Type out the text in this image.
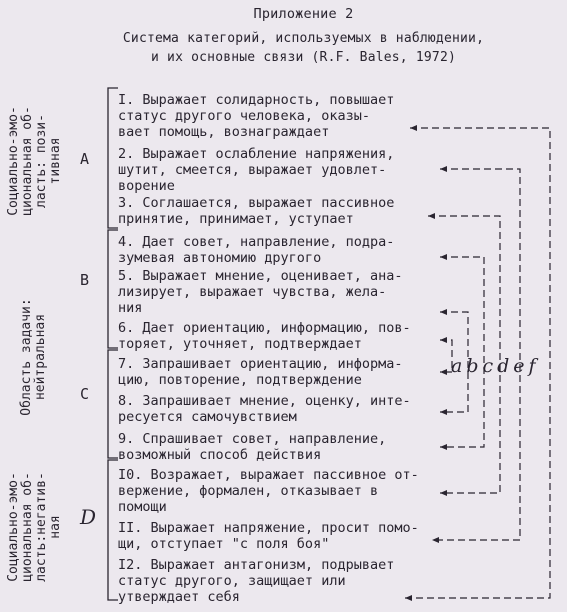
Приложение 2
Система категорий, используемых в наблюдении,
и их основные связи (R.F. Bales, 1972)
Социально-эмо-
циональная об-
ласть: пози-
тивная
Область задачи:
нейтральная
Социально-эмо-
циональная об-
ласть:негатив-
ная
A
B
C
D
I. Выражает солидарность, повышает
статус другого человека, оказы-
вает помощь, вознаграждает
2. Выражает ослабление напряжения,
шутит, смеется, выражает удовлет-
ворение
3. Соглашается, выражает пассивное
принятие, принимает, уступает
4. Дает совет, направление, подра-
зумевая автономию другого
5. Выражает мнение, оценивает, ана-
лизирует, выражает чувства, жела-
ния
6. Дает ориентацию, информацию, пов-
торяет, уточняет, подтверждает
7. Запрашивает ориентацию, информа-
цию, повторение, подтверждение
8. Запрашивает мнение, оценку, инте-
ресуется самочувствием
9. Спрашивает совет, направление,
возможный способ действия
I0. Возражает, выражает пассивное от-
вержение, формален, отказывает в
помощи
II. Выражает напряжение, просит помо-
щи, отступает "с поля боя"
I2. Выражает антагонизм, подрывает
статус другого, защищает или
утверждает себя
abcdef
